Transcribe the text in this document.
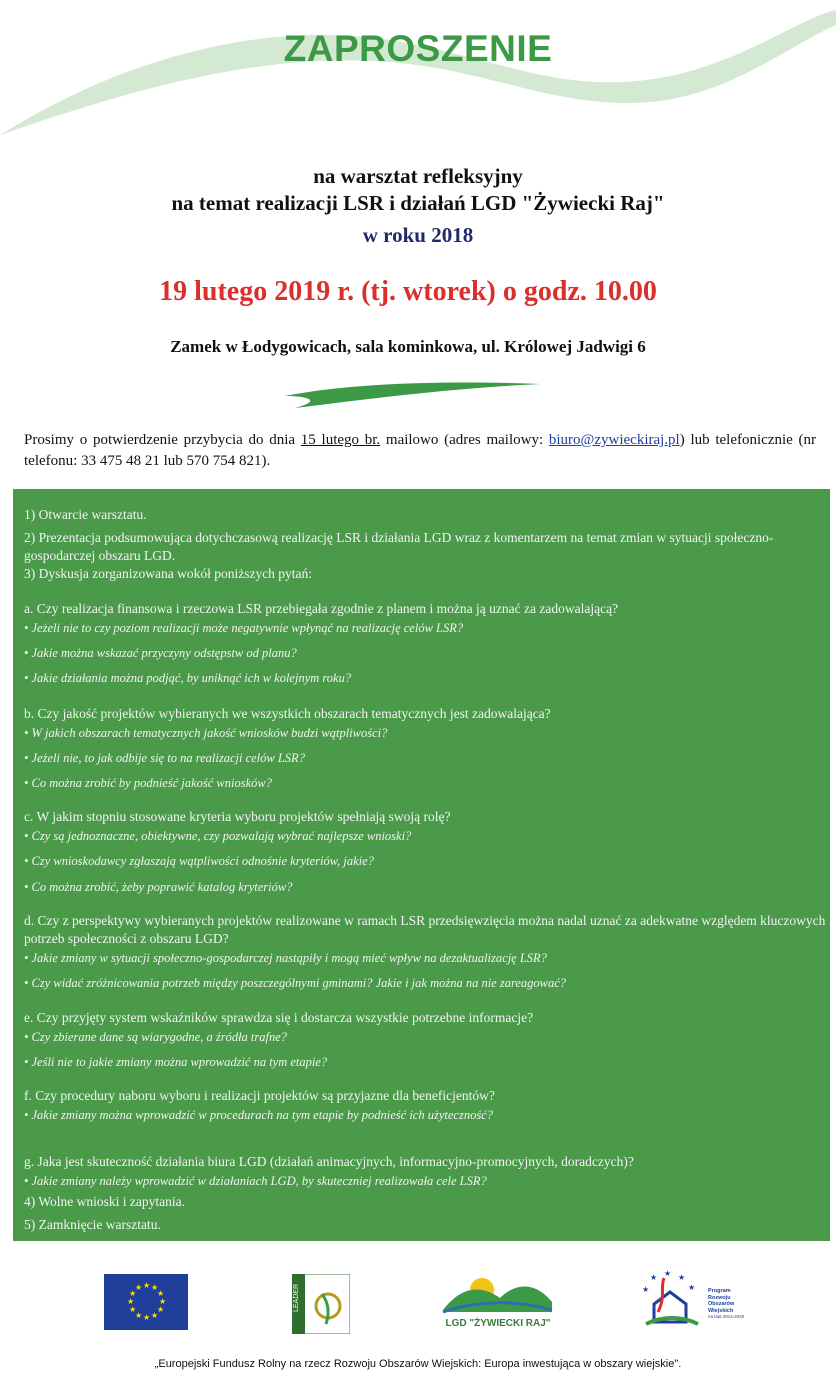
ZAPROSZENIE
na warsztat refleksyjny
na temat realizacji LSR i działań LGD "Żywiecki Raj"
w roku 2018
19 lutego 2019 r. (tj. wtorek) o godz. 10.00
Zamek w Łodygowicach, sala kominkowa, ul. Królowej Jadwigi 6
Prosimy o potwierdzenie przybycia do dnia 15 lutego br. mailowo (adres mailowy: biuro@zywieckiraj.pl) lub telefonicznie (nr telefonu: 33 475 48 21 lub 570 754 821).
1) Otwarcie warsztatu.
2) Prezentacja podsumowująca dotychczasową realizację LSR i działania LGD wraz z komentarzem na temat zmian w sytuacji społeczno-gospodarczej obszaru LGD.
3) Dyskusja zorganizowana wokół poniższych pytań:
a. Czy realizacja finansowa i rzeczowa LSR przebiegała zgodnie z planem i można ją uznać za zadowalającą?
• Jeżeli nie to czy poziom realizacji może negatywnie wpłynąć na realizację celów LSR?
• Jakie można wskazać przyczyny odstępstw od planu?
• Jakie działania można podjąć, by uniknąć ich w kolejnym roku?
b. Czy jakość projektów wybieranych we wszystkich obszarach tematycznych jest zadowalająca?
• W jakich obszarach tematycznych jakość wniosków budzi wątpliwości?
• Jeżeli nie, to jak odbije się to na realizacji celów LSR?
• Co można zrobić by podnieść jakość wniosków?
c. W jakim stopniu stosowane kryteria wyboru projektów spełniają swoją rolę?
• Czy są jednoznaczne, obiektywne, czy pozwalają wybrać najlepsze wnioski?
• Czy wnioskodawcy zgłaszają wątpliwości odnośnie kryteriów, jakie?
• Co można zrobić, żeby poprawić katalog kryteriów?
d. Czy z perspektywy wybieranych projektów realizowane w ramach LSR przedsięwzięcia można nadal uznać za adekwatne względem kluczowych potrzeb społeczności z obszaru LGD?
• Jakie zmiany w sytuacji społeczno-gospodarczej nastąpiły i mogą mieć wpływ na dezaktualizację LSR?
• Czy widać zróżnicowania potrzeb między poszczególnymi gminami? Jakie i jak można na nie zareagować?
e. Czy przyjęty system wskaźników sprawdza się i dostarcza wszystkie potrzebne informacje?
• Czy zbierane dane są wiarygodne, a źródła trafne?
• Jeśli nie to jakie zmiany można wprowadzić na tym etapie?
f. Czy procedury naboru wyboru i realizacji projektów są przyjazne dla beneficjentów?
• Jakie zmiany można wprowadzić w procedurach na tym etapie by podnieść ich użyteczność?
g. Jaka jest skuteczność działania biura LGD (działań animacyjnych, informacyjno-promocyjnych, doradczych)?
• Jakie zmiany należy wprowadzić w działaniach LGD, by skuteczniej realizowała cele LSR?
4) Wolne wnioski i zapytania.
5) Zamknięcie warsztatu.
★ ★
★
★
★
★
★
★
★
★
★
★	LEADER
LGD "ŻYWIECKI RAJ"
★
★ ★ ★
★ Program
Rozwoju
Obszarów
Wiejskich
na lata 2014-2020
„Europejski Fundusz Rolny na rzecz Rozwoju Obszarów Wiejskich: Europa inwestująca w obszary wiejskie".
